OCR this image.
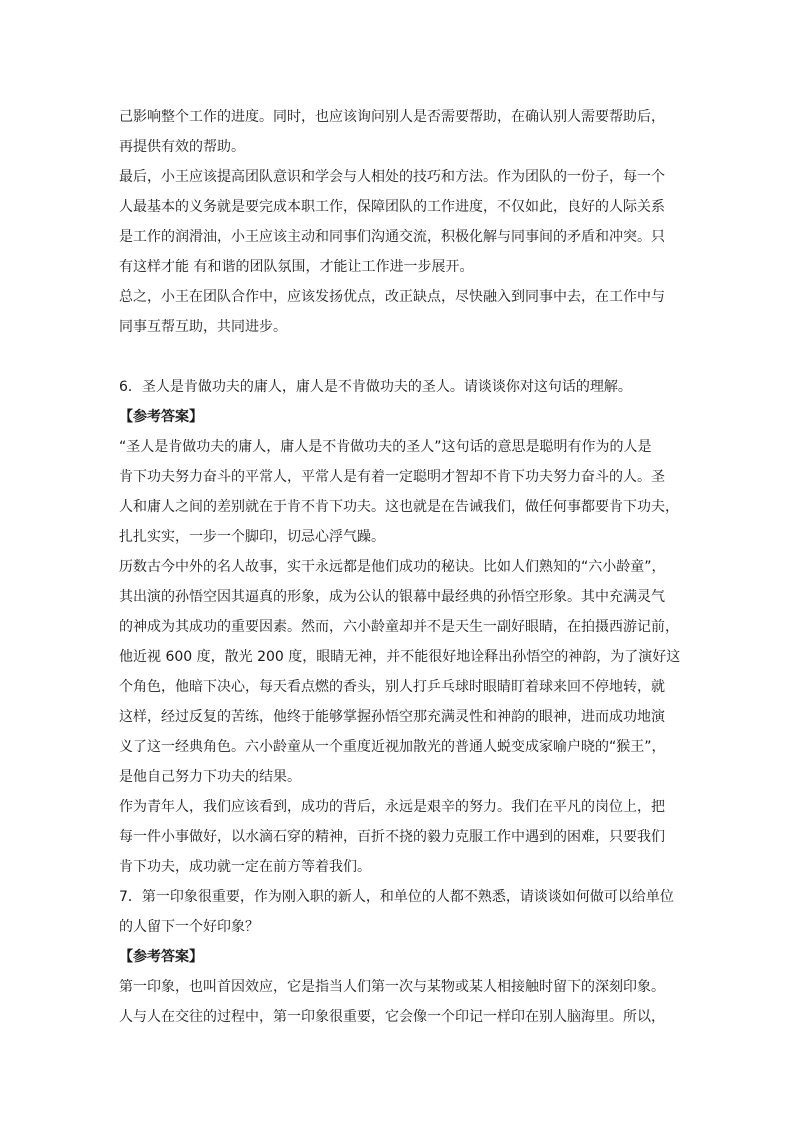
己影响整个工作的进度。同时，也应该询问别人是否需要帮助，在确认别人需要帮助后，

再提供有效的帮助。

最后，小王应该提高团队意识和学会与人相处的技巧和方法。作为团队的一份子，每一个

人最基本的义务就是要完成本职工作，保障团队的工作进度，不仅如此，良好的人际关系

是工作的润滑油，小王应该主动和同事们沟通交流，积极化解与同事间的矛盾和冲突。只

有这样才能 有和谐的团队氛围，才能让工作进一步展开。

总之，小王在团队合作中，应该发扬优点，改正缺点，尽快融入到同事中去，在工作中与

同事互帮互助，共同进步。

6．圣人是肯做功夫的庸人，庸人是不肯做功夫的圣人。请谈谈你对这句话的理解。

【参考答案】

“圣人是肯做功夫的庸人，庸人是不肯做功夫的圣人”这句话的意思是聪明有作为的人是

肯下功夫努力奋斗的平常人，平常人是有着一定聪明才智却不肯下功夫努力奋斗的人。圣

人和庸人之间的差别就在于肯不肯下功夫。这也就是在告诫我们，做任何事都要肯下功夫，

扎扎实实，一步一个脚印，切忌心浮气躁。

历数古今中外的名人故事，实干永远都是他们成功的秘诀。比如人们熟知的“六小龄童”，

其出演的孙悟空因其逼真的形象，成为公认的银幕中最经典的孙悟空形象。其中充满灵气

的神成为其成功的重要因素。然而，六小龄童却并不是天生一副好眼睛，在拍摄西游记前，

他近视 600 度，散光 200 度，眼睛无神，并不能很好地诠释出孙悟空的神韵，为了演好这

个角色，他暗下决心，每天看点燃的香头，别人打乒乓球时眼睛盯着球来回不停地转，就

这样，经过反复的苦练，他终于能够掌握孙悟空那充满灵性和神韵的眼神，进而成功地演

义了这一经典角色。六小龄童从一个重度近视加散光的普通人蜕变成家喻户晓的“猴王”，

是他自己努力下功夫的结果。

作为青年人，我们应该看到，成功的背后，永远是艰辛的努力。我们在平凡的岗位上，把

每一件小事做好，以水滴石穿的精神，百折不挠的毅力克服工作中遇到的困难，只要我们

肯下功夫，成功就一定在前方等着我们。

7．第一印象很重要，作为刚入职的新人，和单位的人都不熟悉，请谈谈如何做可以给单位

的人留下一个好印象？

【参考答案】

第一印象，也叫首因效应，它是指当人们第一次与某物或某人相接触时留下的深刻印象。

人与人在交往的过程中，第一印象很重要，它会像一个印记一样印在别人脑海里。所以，
